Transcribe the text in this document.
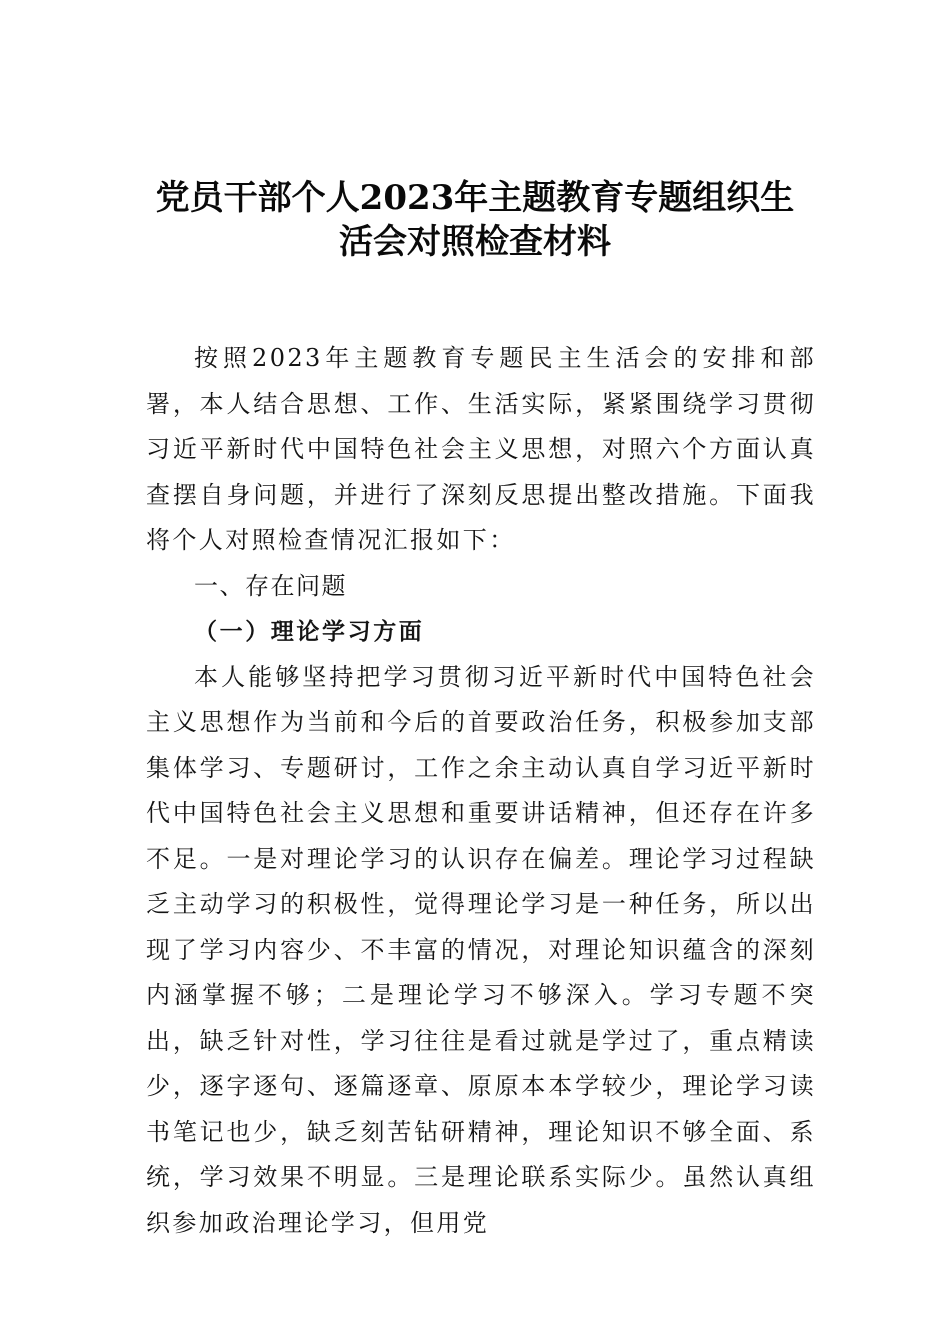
党员干部个人2023年主题教育专题组织生
活会对照检查材料

按照2023年主题教育专题民主生活会的安排和部署，本人结合思想、工作、生活实际，紧紧围绕学习贯彻习近平新时代中国特色社会主义思想，对照六个方面认真查摆自身问题，并进行了深刻反思提出整改措施。下面我将个人对照检查情况汇报如下：

一、存在问题

（一）理论学习方面

本人能够坚持把学习贯彻习近平新时代中国特色社会主义思想作为当前和今后的首要政治任务，积极参加支部集体学习、专题研讨，工作之余主动认真自学习近平新时代中国特色社会主义思想和重要讲话精神，但还存在许多不足。一是对理论学习的认识存在偏差。理论学习过程缺乏主动学习的积极性，觉得理论学习是一种任务，所以出现了学习内容少、不丰富的情况，对理论知识蕴含的深刻内涵掌握不够；二是理论学习不够深入。学习专题不突出，缺乏针对性，学习往往是看过就是学过了，重点精读少，逐字逐句、逐篇逐章、原原本本学较少，理论学习读书笔记也少，缺乏刻苦钻研精神，理论知识不够全面、系统，学习效果不明显。三是理论联系实际少。虽然认真组织参加政治理论学习，但用党
